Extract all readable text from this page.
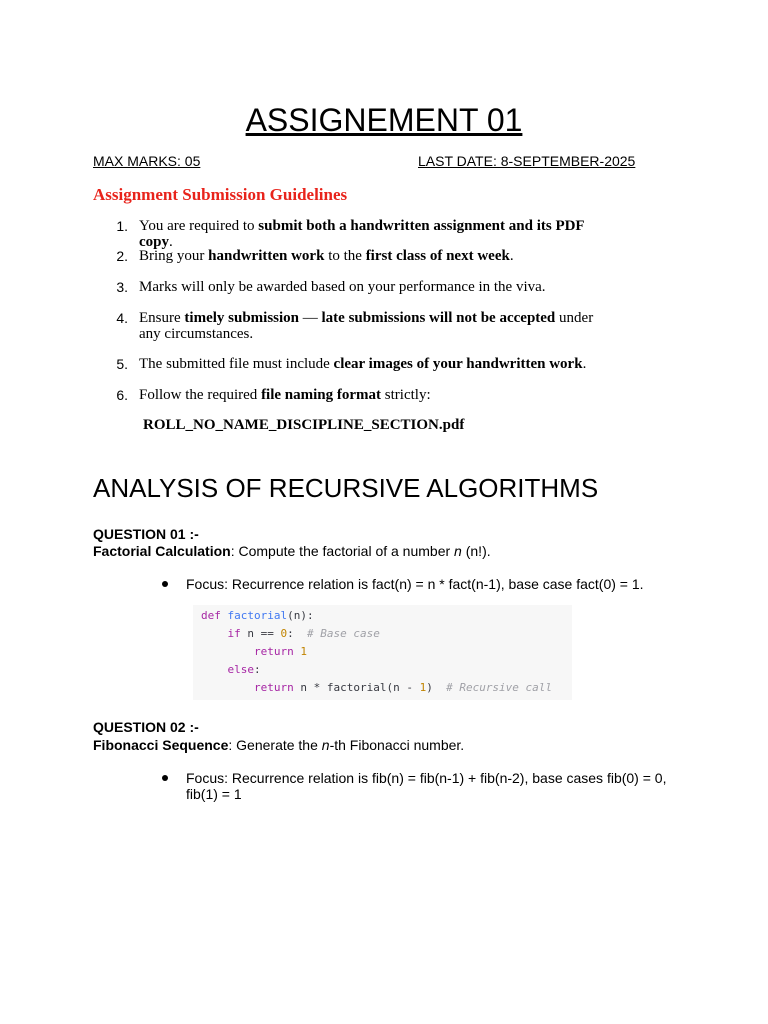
ASSIGNEMENT 01
MAX MARKS: 05	LAST DATE: 8-SEPTEMBER-2025
Assignment Submission Guidelines
1. You are required to submit both a handwritten assignment and its PDF copy.
2. Bring your handwritten work to the first class of next week.
3. Marks will only be awarded based on your performance in the viva.
4. Ensure timely submission — late submissions will not be accepted under any circumstances.
5. The submitted file must include clear images of your handwritten work.
6. Follow the required file naming format strictly:
ROLL_NO_NAME_DISCIPLINE_SECTION.pdf
ANALYSIS OF RECURSIVE ALGORITHMS
QUESTION 01 :-
Factorial Calculation: Compute the factorial of a number n (n!).
Focus: Recurrence relation is fact(n) = n * fact(n-1), base case fact(0) = 1.
def factorial(n):
if n == 0:  # Base case
return 1
else:
return n * factorial(n - 1)  # Recursive call
QUESTION 02 :-
Fibonacci Sequence: Generate the n-th Fibonacci number.
Focus: Recurrence relation is fib(n) = fib(n-1) + fib(n-2), base cases fib(0) = 0, fib(1) = 1
